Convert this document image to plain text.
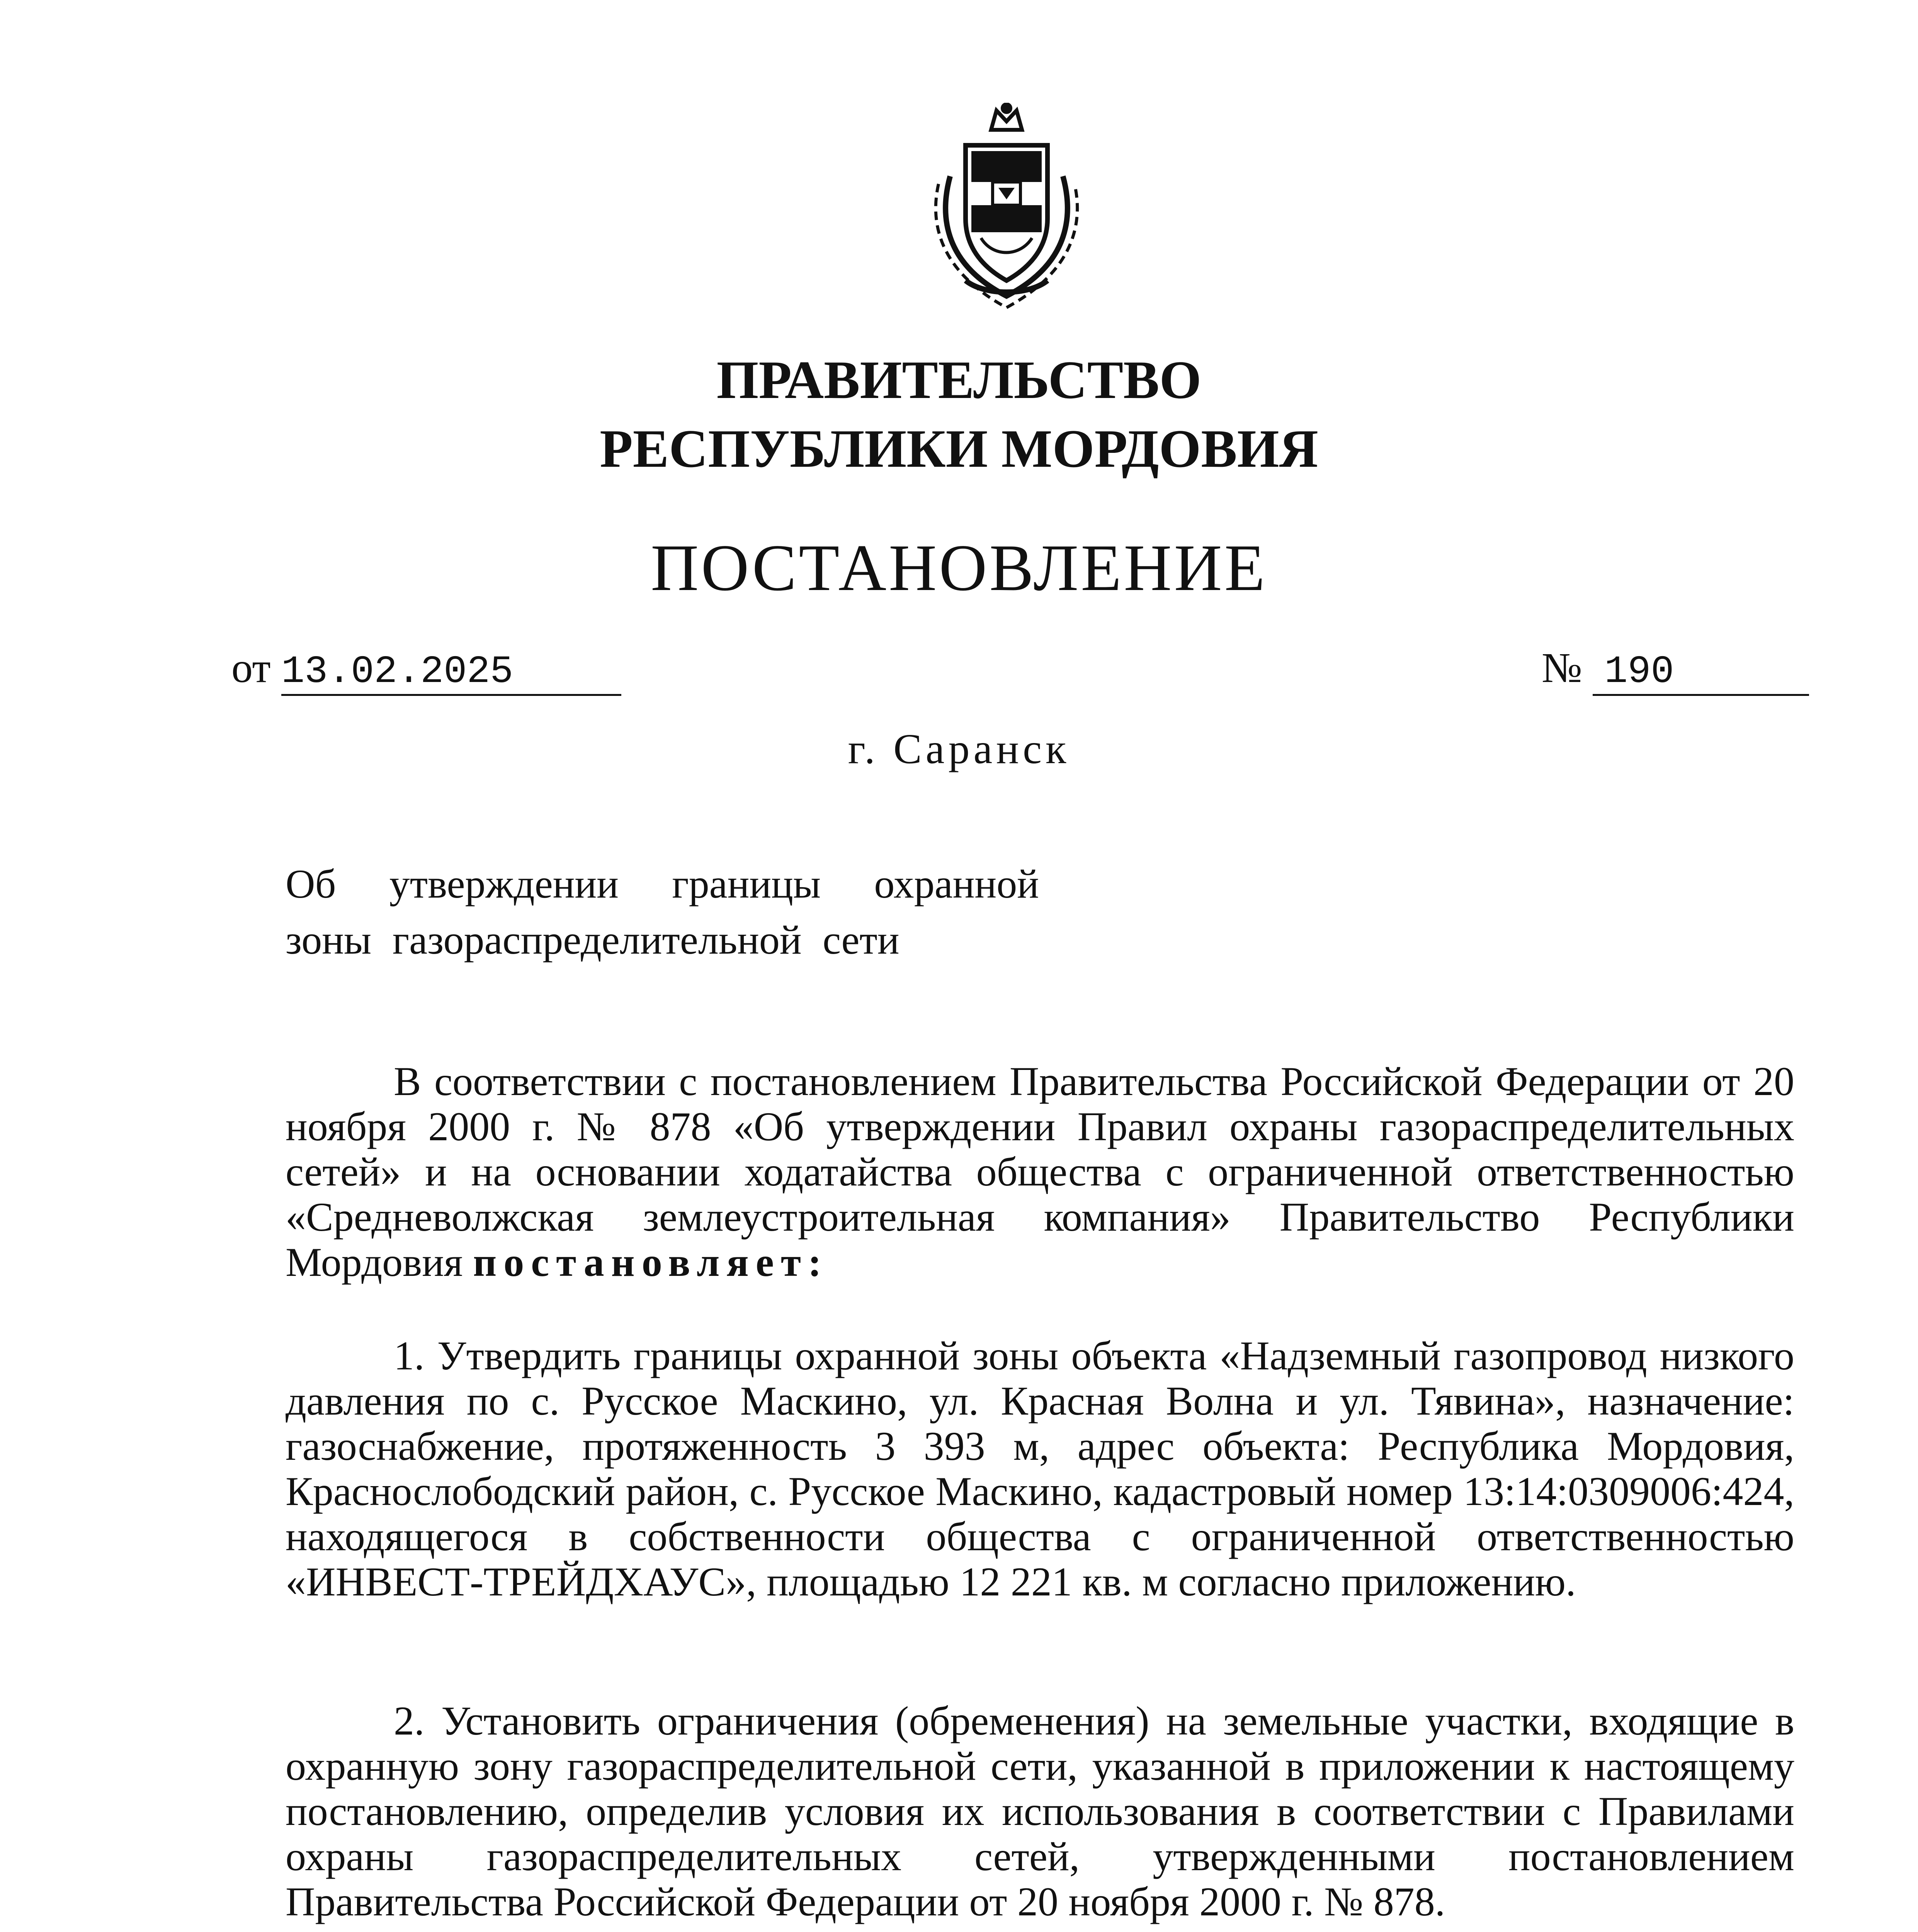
ПРАВИТЕЛЬСТВО
РЕСПУБЛИКИ МОРДОВИЯ
ПОСТАНОВЛЕНИЕ
от 13.02.2025	№ 190
г. Саранск
Об утверждении границы охранной
зоны газораспределительной сети
В соответствии с постановлением Правительства Российской Федерации от 20 ноября 2000 г. № 878 «Об утверждении Правил охраны газораспределительных сетей» и на основании ходатайства общества с ограниченной ответственностью «Средневолжская землеустроительная компания» Правительство Республики Мордовия постановляет:
1. Утвердить границы охранной зоны объекта «Надземный газопровод низкого давления по с. Русское Маскино, ул. Красная Волна и ул. Тявина», назначение: газоснабжение, протяженность 3 393 м, адрес объекта: Республика Мордовия, Краснослободский район, с. Русское Маскино, кадастровый номер 13:14:0309006:424, находящегося в собственности общества с ограниченной ответственностью «ИНВЕСТ-ТРЕЙДХАУС», площадью 12 221 кв. м согласно приложению.
2. Установить ограничения (обременения) на земельные участки, входящие в охранную зону газораспределительной сети, указанной в приложении к настоящему постановлению, определив условия их использования в соответствии с Правилами охраны газораспределительных сетей, утвержденными постановлением Правительства Российской Федерации от 20 ноября 2000 г. № 878.
